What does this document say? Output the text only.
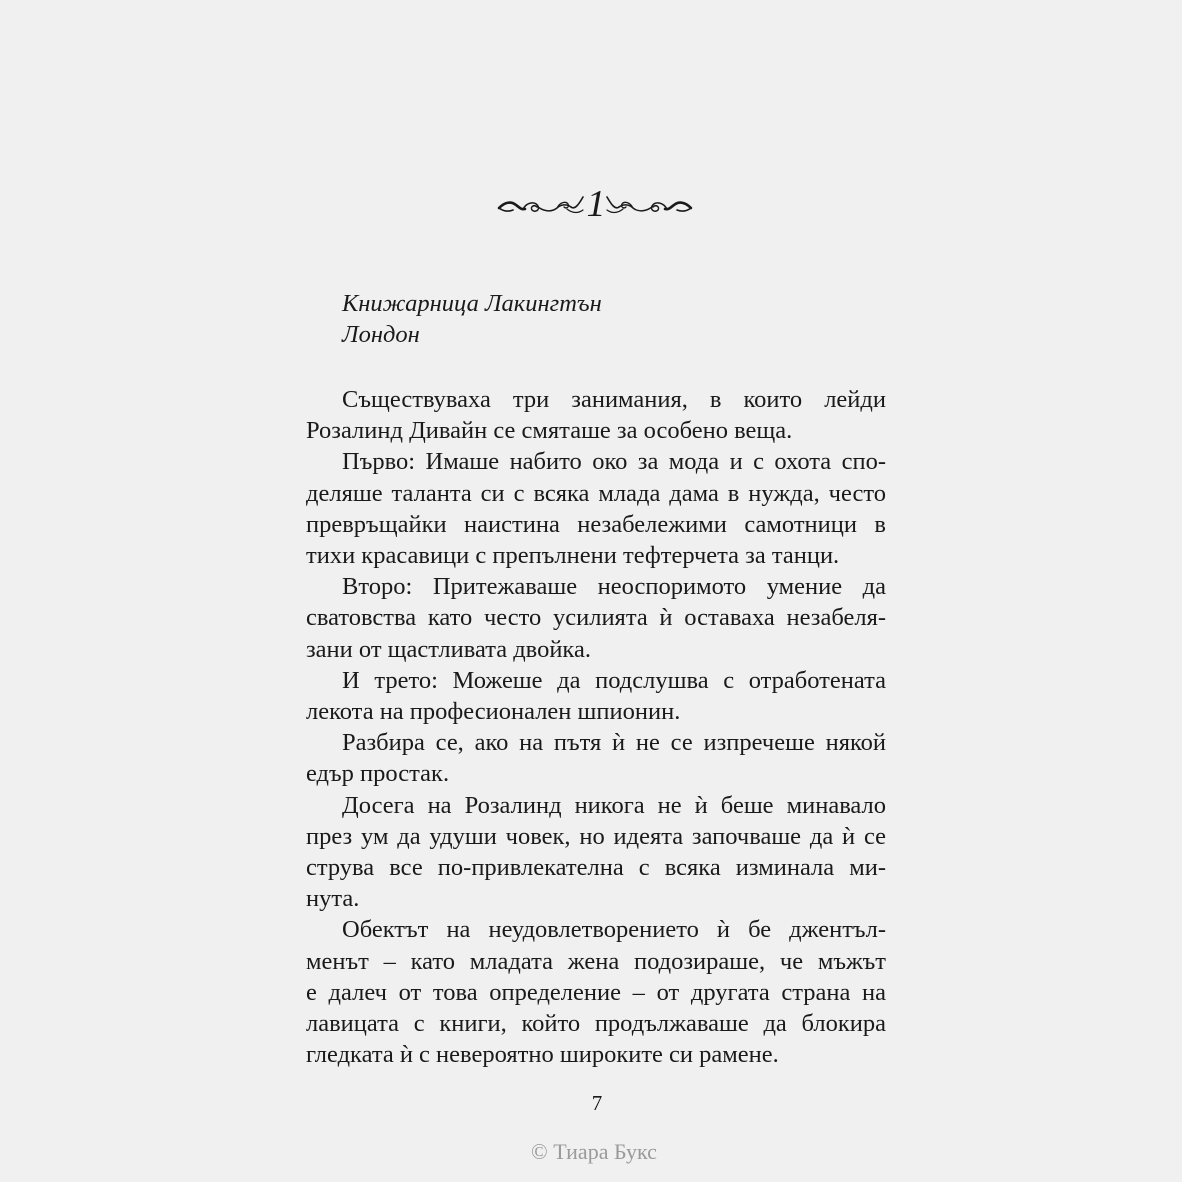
1
Книжарница Лакингтън
Лондон

Съществуваха три занимания, в които лейди
Розалинд Дивайн се смяташе за особено веща.

Първо: Имаше набито око за мода и с охота спо-
деляше таланта си с всяка млада дама в нужда, често
превръщайки наистина незабележими самотници в
тихи красавици с препълнени тефтерчета за танци.

Второ: Притежаваше неоспоримото умение да
сватовства като често усилията ѝ оставаха незабеля-
зани от щастливата двойка.

И трето: Можеше да подслушва с отработената
лекота на професионален шпионин.

Разбира се, ако на пътя ѝ не се изпречеше някой
едър простак.

Досега на Розалинд никога не ѝ беше минавало
през ум да удуши човек, но идеята започваше да ѝ се
струва все по-привлекателна с всяка изминала ми-
нута.

Обектът на неудовлетворението ѝ бе джентъл-
менът – като младата жена подозираше, че мъжът
е далеч от това определение – от другата страна на
лавицата с книги, който продължаваше да блокира
гледката ѝ с невероятно широките си рамене.

7
© Тиара Букс
